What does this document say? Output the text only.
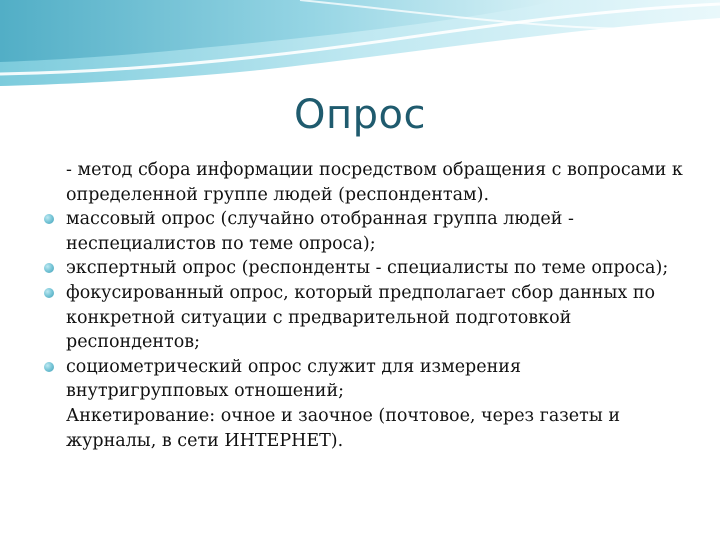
Опрос
- метод сбора информации посредством обращения с вопросами к определенной группе людей (респондентам).
массовый опрос (случайно отобранная группа людей - неспециалистов по теме опроса);
экспертный опрос (респонденты - специалисты по теме опроса);
фокусированный опрос, который предполагает сбор данных по конкретной ситуации с предварительной подготовкой респондентов;
социометрический опрос служит для измерения внутригрупповых отношений;
Анкетирование: очное и заочное (почтовое, через газеты и журналы, в сети ИНТЕРНЕТ).
